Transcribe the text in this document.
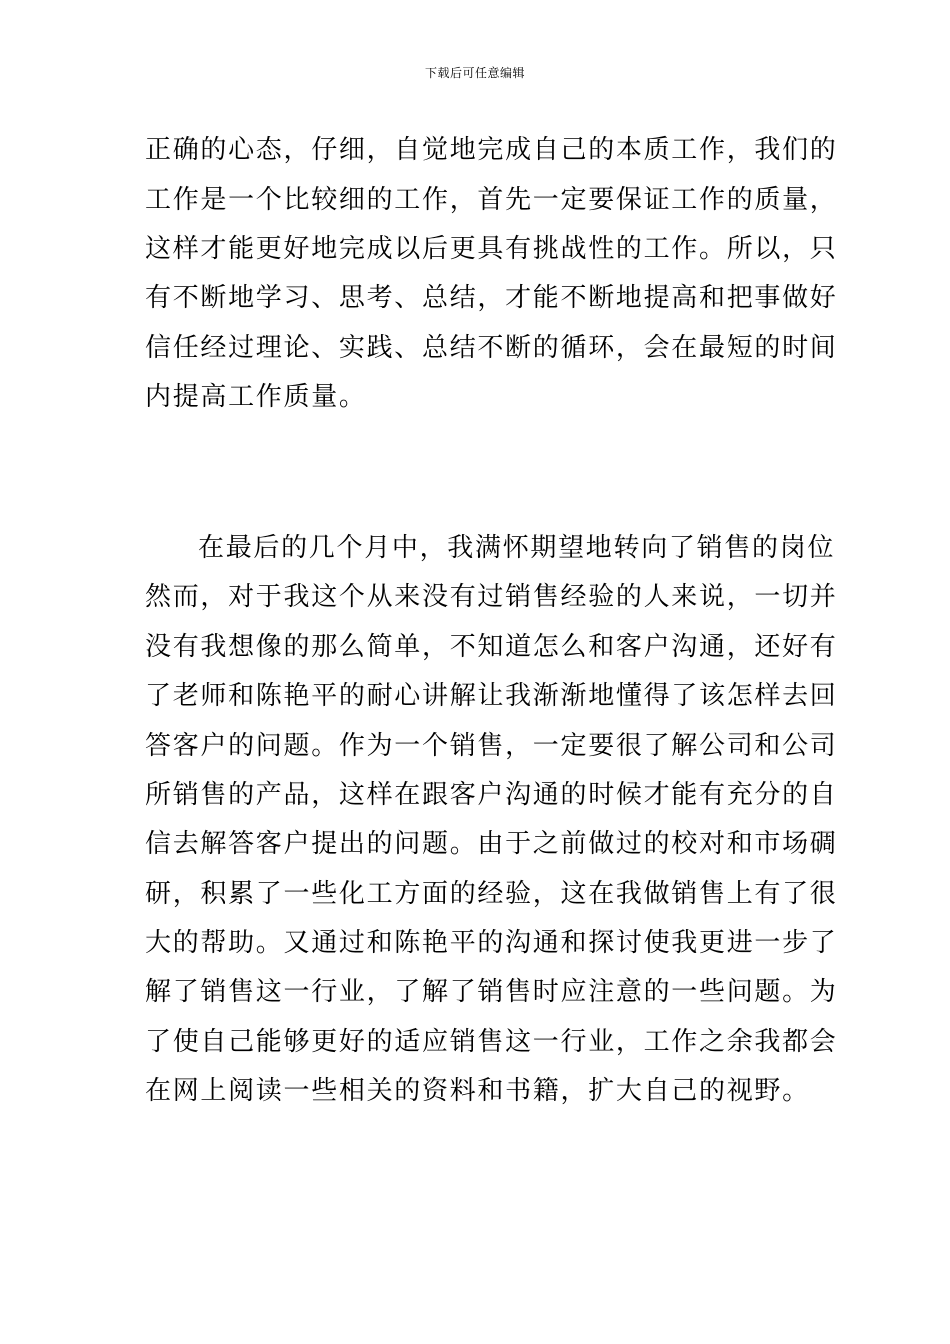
下载后可任意编辑
正确的心态，仔细，自觉地完成自己的本质工作，我们的
工作是一个比较细的工作，首先一定要保证工作的质量，
这样才能更好地完成以后更具有挑战性的工作。所以，只
有不断地学习、思考、总结，才能不断地提高和把事做好
信任经过理论、实践、总结不断的循环，会在最短的时间
内提高工作质量。
在最后的几个月中，我满怀期望地转向了销售的岗位
然而，对于我这个从来没有过销售经验的人来说，一切并
没有我想像的那么简单，不知道怎么和客户沟通，还好有
了老师和陈艳平的耐心讲解让我渐渐地懂得了该怎样去回
答客户的问题。作为一个销售，一定要很了解公司和公司
所销售的产品，这样在跟客户沟通的时候才能有充分的自
信去解答客户提出的问题。由于之前做过的校对和市场碉
研，积累了一些化工方面的经验，这在我做销售上有了很
大的帮助。又通过和陈艳平的沟通和探讨使我更进一步了
解了销售这一行业，了解了销售时应注意的一些问题。为
了使自己能够更好的适应销售这一行业，工作之余我都会
在网上阅读一些相关的资料和书籍，扩大自己的视野。
